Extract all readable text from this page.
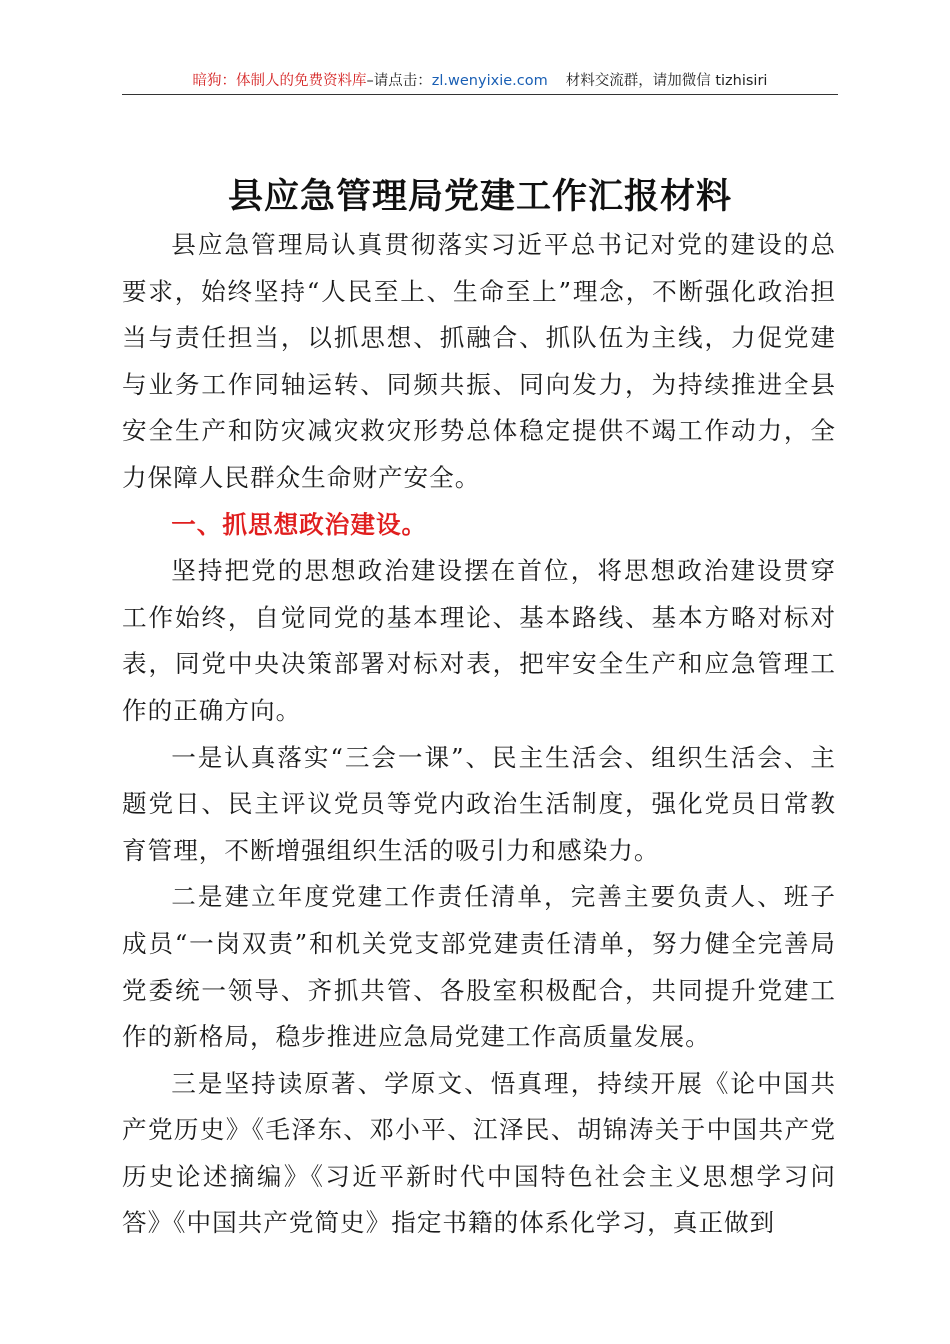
暗狗：体制人的免费资料库–请点击：zl.wenyixie.com 材料交流群，请加微信 tizhisiri
县应急管理局党建工作汇报材料

县应急管理局认真贯彻落实习近平总书记对党的建设的总要求，始终坚持“人民至上、生命至上”理念，不断强化政治担当与责任担当，以抓思想、抓融合、抓队伍为主线，力促党建与业务工作同轴运转、同频共振、同向发力，为持续推进全县安全生产和防灾减灾救灾形势总体稳定提供不竭工作动力，全力保障人民群众生命财产安全。

一、抓思想政治建设。

坚持把党的思想政治建设摆在首位，将思想政治建设贯穿工作始终，自觉同党的基本理论、基本路线、基本方略对标对表，同党中央决策部署对标对表，把牢安全生产和应急管理工作的正确方向。

一是认真落实“三会一课”、民主生活会、组织生活会、主题党日、民主评议党员等党内政治生活制度，强化党员日常教育管理，不断增强组织生活的吸引力和感染力。

二是建立年度党建工作责任清单，完善主要负责人、班子成员“一岗双责”和机关党支部党建责任清单，努力健全完善局党委统一领导、齐抓共管、各股室积极配合，共同提升党建工作的新格局，稳步推进应急局党建工作高质量发展。

三是坚持读原著、学原文、悟真理，持续开展《论中国共产党历史》《毛泽东、邓小平、江泽民、胡锦涛关于中国共产党历史论述摘编》《习近平新时代中国特色社会主义思想学习问答》《中国共产党简史》指定书籍的体系化学习，真正做到
